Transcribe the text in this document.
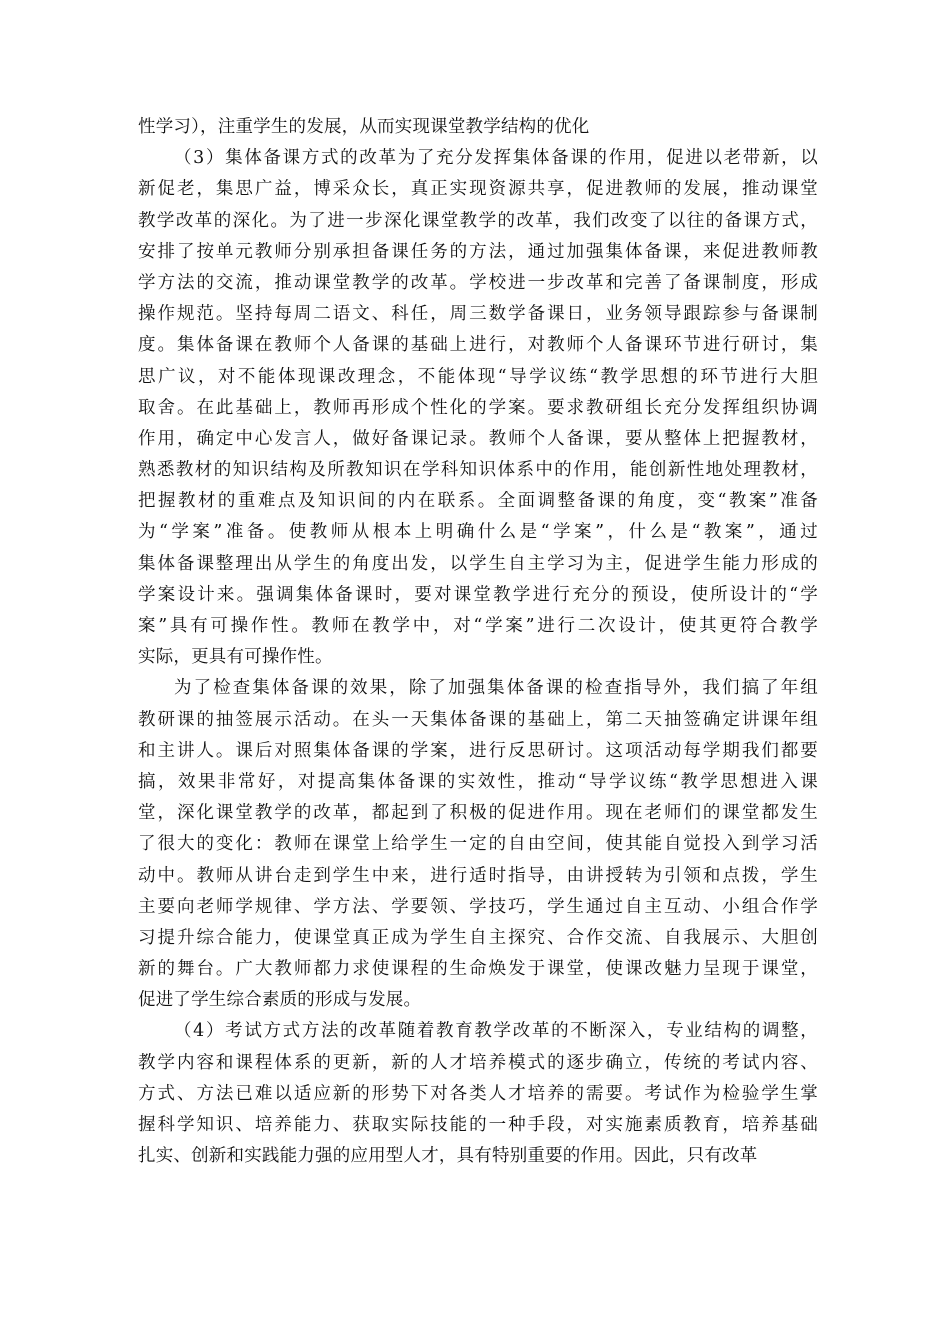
性学习），注重学生的发展，从而实现课堂教学结构的优化
（3）集体备课方式的改革为了充分发挥集体备课的作用，促进以老带新，以
新促老，集思广益，博采众长，真正实现资源共享，促进教师的发展，推动课堂
教学改革的深化。为了进一步深化课堂教学的改革，我们改变了以往的备课方式，
安排了按单元教师分别承担备课任务的方法，通过加强集体备课，来促进教师教
学方法的交流，推动课堂教学的改革。学校进一步改革和完善了备课制度，形成
操作规范。坚持每周二语文、科任，周三数学备课日，业务领导跟踪参与备课制
度。集体备课在教师个人备课的基础上进行，对教师个人备课环节进行研讨，集
思广议，对不能体现课改理念，不能体现“导学议练“教学思想的环节进行大胆
取舍。在此基础上，教师再形成个性化的学案。要求教研组长充分发挥组织协调
作用，确定中心发言人，做好备课记录。教师个人备课，要从整体上把握教材，
熟悉教材的知识结构及所教知识在学科知识体系中的作用，能创新性地处理教材，
把握教材的重难点及知识间的内在联系。全面调整备课的角度，变“教案”准备
为“学案”准备。使教师从根本上明确什么是“学案”，什么是“教案”，通过
集体备课整理出从学生的角度出发，以学生自主学习为主，促进学生能力形成的
学案设计来。强调集体备课时，要对课堂教学进行充分的预设，使所设计的“学
案”具有可操作性。教师在教学中，对“学案”进行二次设计，使其更符合教学
实际，更具有可操作性。
为了检查集体备课的效果，除了加强集体备课的检查指导外，我们搞了年组
教研课的抽签展示活动。在头一天集体备课的基础上，第二天抽签确定讲课年组
和主讲人。课后对照集体备课的学案，进行反思研讨。这项活动每学期我们都要
搞，效果非常好，对提高集体备课的实效性，推动“导学议练“教学思想进入课
堂，深化课堂教学的改革，都起到了积极的促进作用。现在老师们的课堂都发生
了很大的变化：教师在课堂上给学生一定的自由空间，使其能自觉投入到学习活
动中。教师从讲台走到学生中来，进行适时指导，由讲授转为引领和点拨，学生
主要向老师学规律、学方法、学要领、学技巧，学生通过自主互动、小组合作学
习提升综合能力，使课堂真正成为学生自主探究、合作交流、自我展示、大胆创
新的舞台。广大教师都力求使课程的生命焕发于课堂，使课改魅力呈现于课堂，
促进了学生综合素质的形成与发展。
（4）考试方式方法的改革随着教育教学改革的不断深入，专业结构的调整，
教学内容和课程体系的更新，新的人才培养模式的逐步确立，传统的考试内容、
方式、方法已难以适应新的形势下对各类人才培养的需要。考试作为检验学生掌
握科学知识、培养能力、获取实际技能的一种手段，对实施素质教育，培养基础
扎实、创新和实践能力强的应用型人才，具有特别重要的作用。因此，只有改革
